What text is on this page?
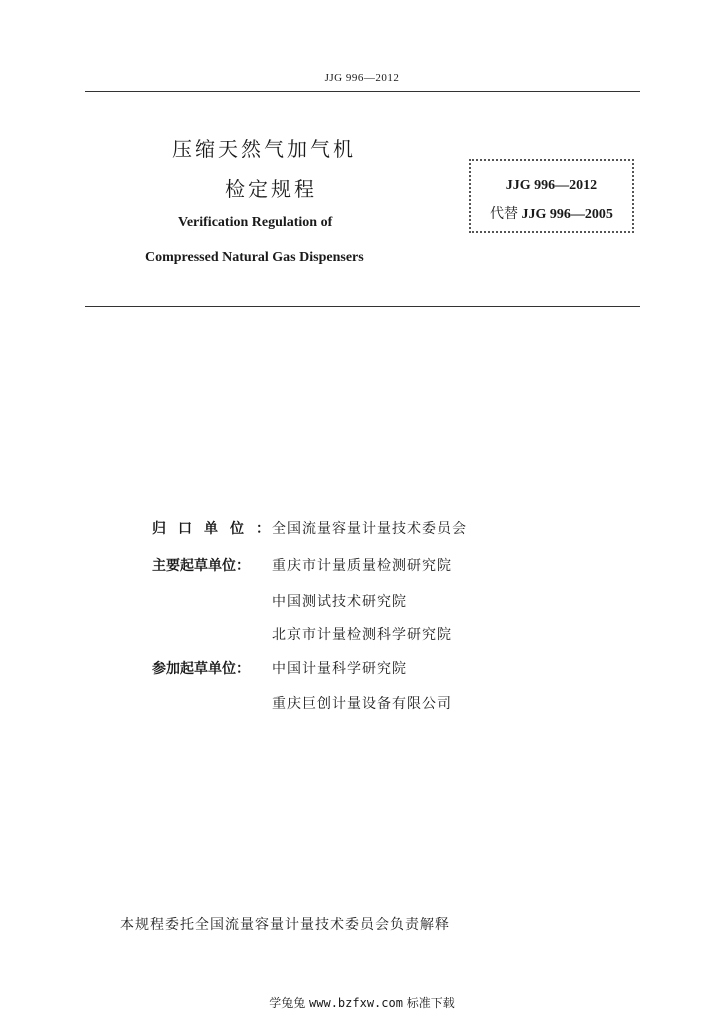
JJG 996—2012
压缩天然气加气机
检定规程
Verification Regulation of
Compressed Natural Gas Dispensers
JJG 996—2012
代替 JJG 996—2005
归口单位：
全国流量容量计量技术委员会
主要起草单位： 重庆市计量质量检测研究院
中国测试技术研究院
北京市计量检测科学研究院
参加起草单位： 中国计量科学研究院
重庆巨创计量设备有限公司
本规程委托全国流量容量计量技术委员会负责解释
学兔兔 www.bzfxw.com 标准下载
